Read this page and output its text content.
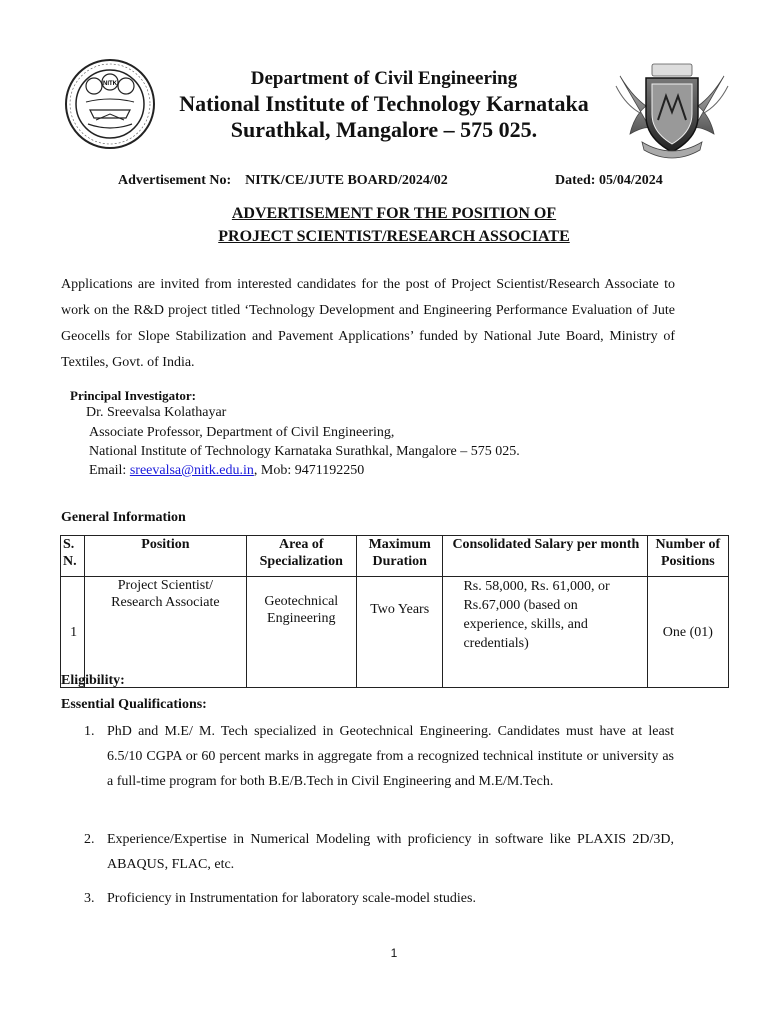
NITK	Department of Civil Engineering
National Institute of Technology Karnataka
Surathkal, Mangalore – 575 025.
Advertisement No: NITK/CE/JUTE BOARD/2024/02	Dated: 05/04/2024
ADVERTISEMENT FOR THE POSITION OF
PROJECT SCIENTIST/RESEARCH ASSOCIATE
Applications are invited from interested candidates for the post of Project Scientist/Research Associate to work on the R&D project titled ‘Technology Development and Engineering Performance Evaluation of Jute Geocells for Slope Stabilization and Pavement Applications’ funded by National Jute Board, Ministry of Textiles, Govt. of India.
Principal Investigator:
Dr. Sreevalsa Kolathayar
Associate Professor, Department of Civil Engineering,
National Institute of Technology Karnataka Surathkal, Mangalore – 575 025.
Email: sreevalsa@nitk.edu.in, Mob: 9471192250
General Information
S. N.	Position	Area of Specialization	Maximum Duration	Consolidated Salary per month	Number of Positions
1	Project Scientist/ Research Associate	Geotechnical Engineering	Two Years	Rs. 58,000, Rs. 61,000, or Rs.67,000 (based on experience, skills, and credentials)	One (01)
Eligibility:
Essential Qualifications:
1. PhD and M.E/ M. Tech specialized in Geotechnical Engineering. Candidates must have at least 6.5/10 CGPA or 60 percent marks in aggregate from a recognized technical institute or university as a full-time program for both B.E/B.Tech in Civil Engineering and M.E/M.Tech.
2. Experience/Expertise in Numerical Modeling with proficiency in software like PLAXIS 2D/3D, ABAQUS, FLAC, etc.
3. Proficiency in Instrumentation for laboratory scale-model studies.
1
